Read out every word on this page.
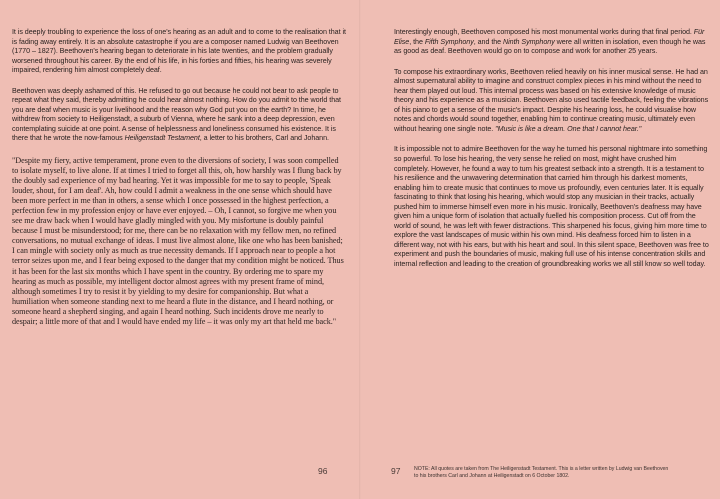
It is deeply troubling to experience the loss of one's hearing as an adult and to come to the realisation that it is fading away entirely. It is an absolute catastrophe if you are a composer named Ludwig van Beethoven (1770 – 1827). Beethoven's hearing began to deteriorate in his late twenties, and the problem gradually worsened throughout his career. By the end of his life, in his forties and fifties, his hearing was severely impaired, rendering him almost completely deaf.

Beethoven was deeply ashamed of this. He refused to go out because he could not bear to ask people to repeat what they said, thereby admitting he could hear almost nothing. How do you admit to the world that you are deaf when music is your livelihood and the reason why God put you on the earth? In time, he withdrew from society to Heiligenstadt, a suburb of Vienna, where he sank into a deep depression, even contemplating suicide at one point. A sense of helplessness and loneliness consumed his existence. It is there that he wrote the now-famous Heiligenstadt Testament, a letter to his brothers, Carl and Johann.

"Despite my fiery, active temperament, prone even to the diversions of society, I was soon compelled to isolate myself, to live alone. If at times I tried to forget all this, oh, how harshly was I flung back by the doubly sad experience of my bad hearing. Yet it was impossible for me to say to people, 'Speak louder, shout, for I am deaf'. Ah, how could I admit a weakness in the one sense which should have been more perfect in me than in others, a sense which I once possessed in the highest perfection, a perfection few in my profession enjoy or have ever enjoyed. – Oh, I cannot, so forgive me when you see me draw back when I would have gladly mingled with you. My misfortune is doubly painful because I must be misunderstood; for me, there can be no relaxation with my fellow men, no refined conversations, no mutual exchange of ideas. I must live almost alone, like one who has been banished; I can mingle with society only as much as true necessity demands. If I approach near to people a hot terror seizes upon me, and I fear being exposed to the danger that my condition might be noticed. Thus it has been for the last six months which I have spent in the country. By ordering me to spare my hearing as much as possible, my intelligent doctor almost agrees with my present frame of mind, although sometimes I try to resist it by yielding to my desire for companionship. But what a humiliation when someone standing next to me heard a flute in the distance, and I heard nothing, or someone heard a shepherd singing, and again I heard nothing. Such incidents drove me nearly to despair; a little more of that and I would have ended my life – it was only my art that held me back."

Interestingly enough, Beethoven composed his most monumental works during that final period. Für Elise, the Fifth Symphony, and the Ninth Symphony were all written in isolation, even though he was as good as deaf. Beethoven would go on to compose and work for another 25 years.

To compose his extraordinary works, Beethoven relied heavily on his inner musical sense. He had an almost supernatural ability to imagine and construct complex pieces in his mind without the need to hear them played out loud. This internal process was based on his extensive knowledge of music theory and his experience as a musician. Beethoven also used tactile feedback, feeling the vibrations of his piano to get a sense of the music's impact. Despite his hearing loss, he could visualise how notes and chords would sound together, enabling him to continue creating music, ultimately even without hearing one single note. "Music is like a dream. One that I cannot hear."

It is impossible not to admire Beethoven for the way he turned his personal nightmare into something so powerful. To lose his hearing, the very sense he relied on most, might have crushed him completely. However, he found a way to turn his greatest setback into a strength. It is a testament to his resilience and the unwavering determination that carried him through his darkest moments, enabling him to create music that continues to move us profoundly, even centuries later. It is equally fascinating to think that losing his hearing, which would stop any musician in their tracks, actually pushed him to immerse himself even more in his music. Ironically, Beethoven's deafness may have given him a unique form of isolation that actually fuelled his composition process. Cut off from the world of sound, he was left with fewer distractions. This sharpened his focus, giving him more time to explore the vast landscapes of music within his own mind. His deafness forced him to listen in a different way, not with his ears, but with his heart and soul. In this silent space, Beethoven was free to experiment and push the boundaries of music, making full use of his intense concentration skills and internal reflection and leading to the creation of groundbreaking works we all still know so well today.

96	97	NOTE: All quotes are taken from The Heiligenstadt Testament. This is a letter written by Ludwig van Beethoven
to his brothers Carl and Johann at Heiligenstadt on 6 October 1802.
